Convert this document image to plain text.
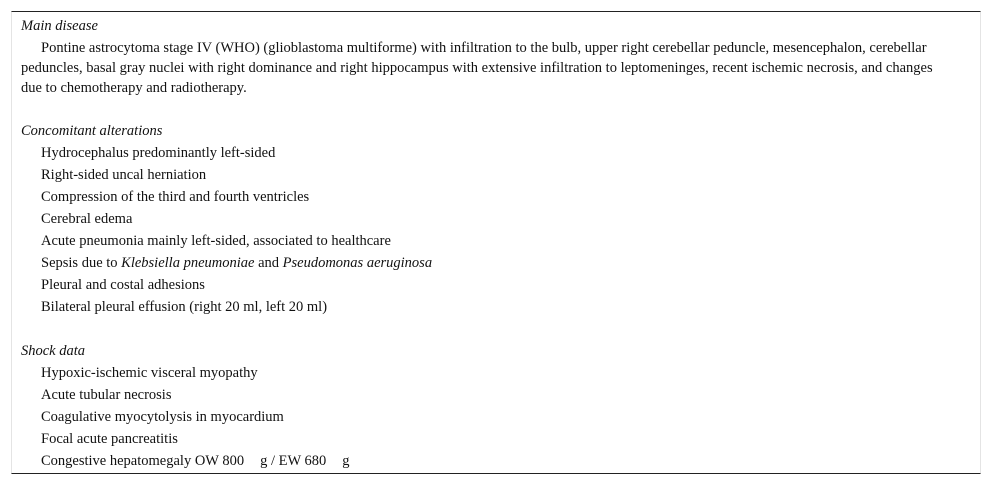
Main disease
Pontine astrocytoma stage IV (WHO) (glioblastoma multiforme) with infiltration to the bulb, upper right cerebellar peduncle, mesencephalon, cerebellar peduncles, basal gray nuclei with right dominance and right hippocampus with extensive infiltration to leptomeninges, recent ischemic necrosis, and changes due to chemotherapy and radiotherapy.
Concomitant alterations
Hydrocephalus predominantly left-sided
Right-sided uncal herniation
Compression of the third and fourth ventricles
Cerebral edema
Acute pneumonia mainly left-sided, associated to healthcare
Sepsis due to Klebsiella pneumoniae and Pseudomonas aeruginosa
Pleural and costal adhesions
Bilateral pleural effusion (right 20 ml, left 20 ml)
Shock data
Hypoxic-ischemic visceral myopathy
Acute tubular necrosis
Coagulative myocytolysis in myocardium
Focal acute pancreatitis
Congestive hepatomegaly OW 800 g / EW 680 g
